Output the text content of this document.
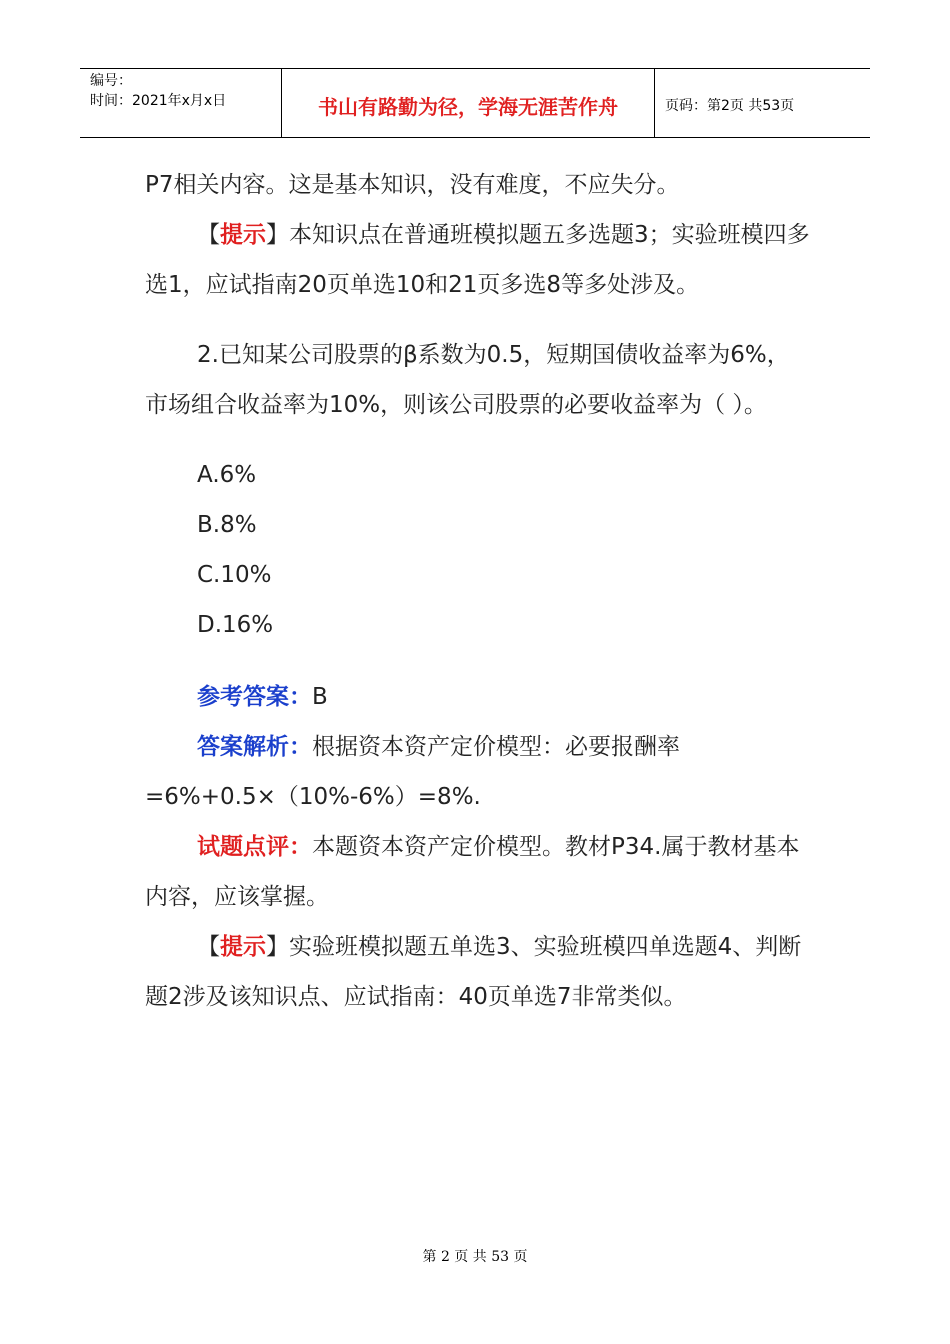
编号：
时间：2021年x月x日	书山有路勤为径，学海无涯苦作舟	页码：第2页 共53页

P7相关内容。这是基本知识，没有难度，不应失分。

【提示】本知识点在普通班模拟题五多选题3；实验班模四多选1，应试指南20页单选10和21页多选8等多处涉及。

2.已知某公司股票的β系数为0.5，短期国债收益率为6%，市场组合收益率为10%，则该公司股票的必要收益率为（ ）。

A.6%

B.8%

C.10%

D.16%

参考答案：B

答案解析：根据资本资产定价模型：必要报酬率=6%+0.5×（10%-6%）=8%.

试题点评：本题资本资产定价模型。教材P34.属于教材基本内容，应该掌握。

【提示】实验班模拟题五单选3、实验班模四单选题4、判断题2涉及该知识点、应试指南：40页单选7非常类似。

第 2 页 共 53 页
